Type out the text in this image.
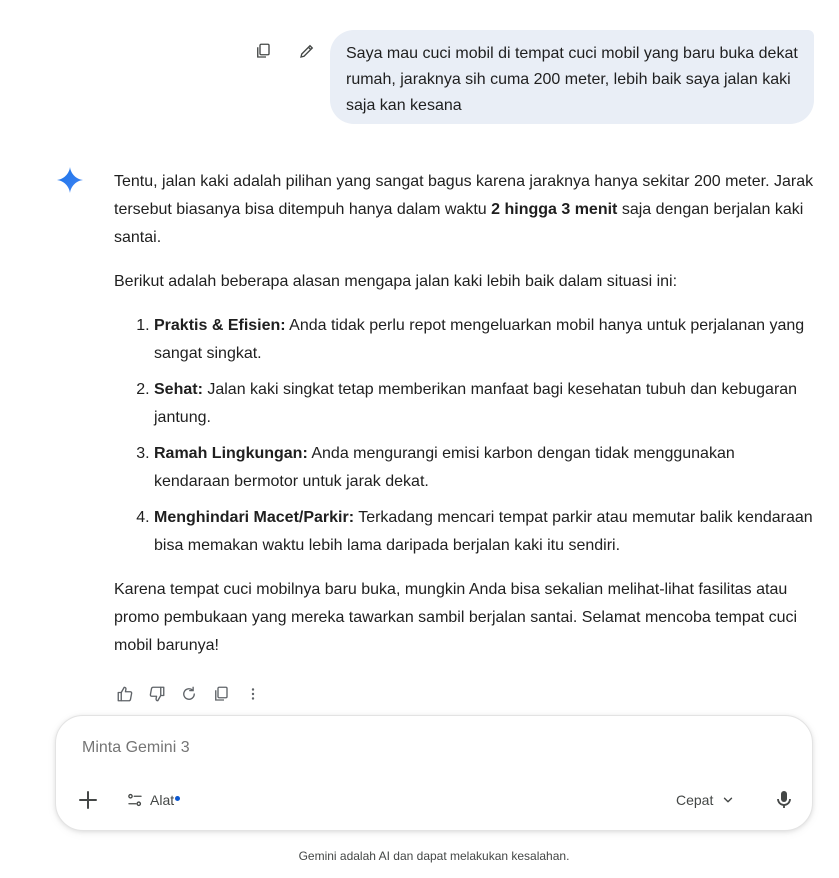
Saya mau cuci mobil di tempat cuci mobil yang baru buka dekat rumah, jaraknya sih cuma 200 meter, lebih baik saya jalan kaki saja kan kesana

Tentu, jalan kaki adalah pilihan yang sangat bagus karena jaraknya hanya sekitar 200 meter. Jarak tersebut biasanya bisa ditempuh hanya dalam waktu 2 hingga 3 menit saja dengan berjalan kaki santai.

Berikut adalah beberapa alasan mengapa jalan kaki lebih baik dalam situasi ini:

1. Praktis & Efisien: Anda tidak perlu repot mengeluarkan mobil hanya untuk perjalanan yang sangat singkat.
2. Sehat: Jalan kaki singkat tetap memberikan manfaat bagi kesehatan tubuh dan kebugaran jantung.
3. Ramah Lingkungan: Anda mengurangi emisi karbon dengan tidak menggunakan kendaraan bermotor untuk jarak dekat.
4. Menghindari Macet/Parkir: Terkadang mencari tempat parkir atau memutar balik kendaraan bisa memakan waktu lebih lama daripada berjalan kaki itu sendiri.

Karena tempat cuci mobilnya baru buka, mungkin Anda bisa sekalian melihat-lihat fasilitas atau promo pembukaan yang mereka tawarkan sambil berjalan santai. Selamat mencoba tempat cuci mobil barunya!

Minta Gemini 3
Alat	Cepat
Gemini adalah AI dan dapat melakukan kesalahan.
